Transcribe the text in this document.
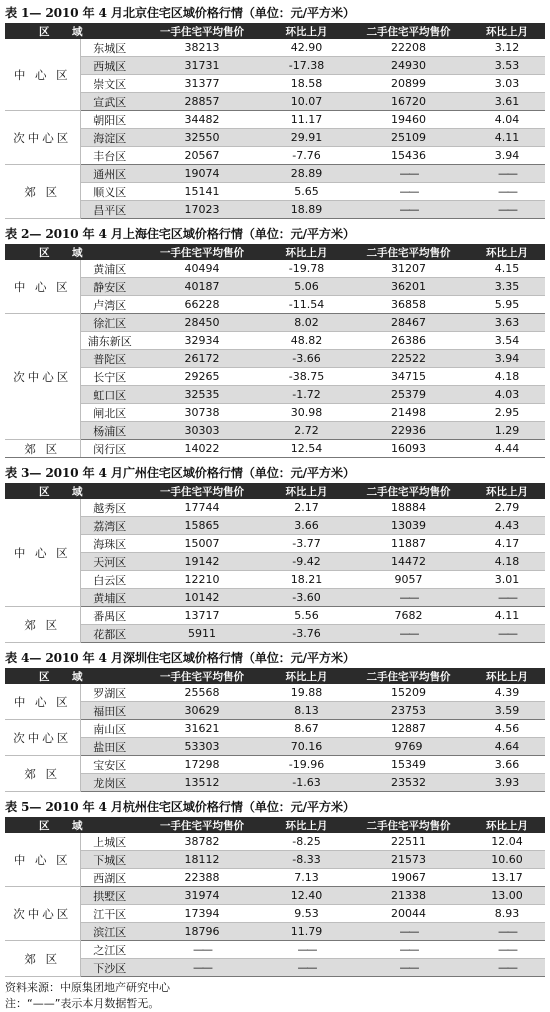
表 1— 2010 年 4 月北京住宅区域价格行情（单位：元/平方米）
区　域		一手住宅平均售价	环比上月	二手住宅平均售价	环比上月
中 心 区	东城区	38213	42.90	22208	3.12
	西城区	31731	-17.38	24930	3.53
	崇文区	31377	18.58	20899	3.03
	宣武区	28857	10.07	16720	3.61
次中心区	朝阳区	34482	11.17	19460	4.04
	海淀区	32550	29.91	25109	4.11
	丰台区	20567	-7.76	15436	3.94
郊 区	通州区	19074	28.89	——	——
	顺义区	15141	5.65	——	——
	昌平区	17023	18.89	——	——
表 2— 2010 年 4 月上海住宅区域价格行情（单位：元/平方米）
区　域		一手住宅平均售价	环比上月	二手住宅平均售价	环比上月
中 心 区	黄浦区	40494	-19.78	31207	4.15
	静安区	40187	5.06	36201	3.35
	卢湾区	66228	-11.54	36858	5.95
次中心区	徐汇区	28450	8.02	28467	3.63
	浦东新区	32934	48.82	26386	3.54
	普陀区	26172	-3.66	22522	3.94
	长宁区	29265	-38.75	34715	4.18
	虹口区	32535	-1.72	25379	4.03
	闸北区	30738	30.98	21498	2.95
	杨浦区	30303	2.72	22936	1.29
郊 区	闵行区	14022	12.54	16093	4.44
表 3— 2010 年 4 月广州住宅区域价格行情（单位：元/平方米）
区　域		一手住宅平均售价	环比上月	二手住宅平均售价	环比上月
中 心 区	越秀区	17744	2.17	18884	2.79
	荔湾区	15865	3.66	13039	4.43
	海珠区	15007	-3.77	11887	4.17
	天河区	19142	-9.42	14472	4.18
	白云区	12210	18.21	9057	3.01
	黄埔区	10142	-3.60	——	——
郊 区	番禺区	13717	5.56	7682	4.11
	花都区	5911	-3.76	——	——
表 4— 2010 年 4 月深圳住宅区域价格行情（单位：元/平方米）
区　域		一手住宅平均售价	环比上月	二手住宅平均售价	环比上月
中 心 区	罗湖区	25568	19.88	15209	4.39
	福田区	30629	8.13	23753	3.59
次中心区	南山区	31621	8.67	12887	4.56
	盐田区	53303	70.16	9769	4.64
郊 区	宝安区	17298	-19.96	15349	3.66
	龙岗区	13512	-1.63	23532	3.93
表 5— 2010 年 4 月杭州住宅区域价格行情（单位：元/平方米）
区　域		一手住宅平均售价	环比上月	二手住宅平均售价	环比上月
中 心 区	上城区	38782	-8.25	22511	12.04
	下城区	18112	-8.33	21573	10.60
	西湖区	22388	7.13	19067	13.17
次中心区	拱墅区	31974	12.40	21338	13.00
	江干区	17394	9.53	20044	8.93
	滨江区	18796	11.79	——	——
郊 区	之江区	——	——	——	——
	下沙区	——	——	——	——
资料来源：中原集团地产研究中心
注：“——”表示本月数据暂无。
